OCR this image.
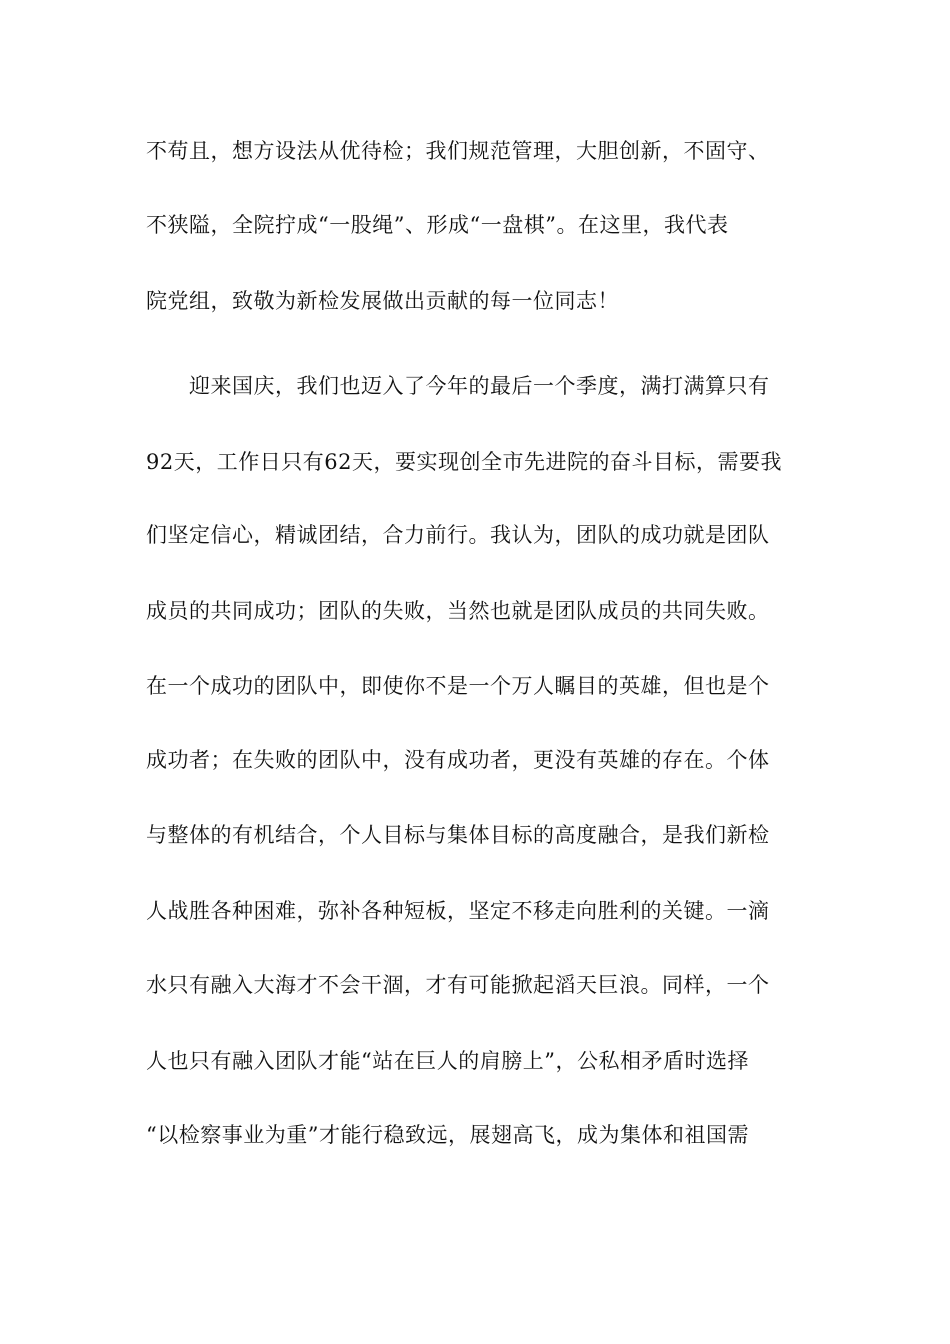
不苟且，想方设法从优待检；我们规范管理，大胆创新，不固守、
不狭隘，全院拧成“一股绳”、形成“一盘棋”。在这里，我代表
院党组，致敬为新检发展做出贡献的每一位同志！
迎来国庆，我们也迈入了今年的最后一个季度，满打满算只有
92天，工作日只有62天，要实现创全市先进院的奋斗目标，需要我
们坚定信心，精诚团结，合力前行。我认为，团队的成功就是团队
成员的共同成功；团队的失败，当然也就是团队成员的共同失败。
在一个成功的团队中，即使你不是一个万人瞩目的英雄，但也是个
成功者；在失败的团队中，没有成功者，更没有英雄的存在。个体
与整体的有机结合，个人目标与集体目标的高度融合，是我们新检
人战胜各种困难，弥补各种短板，坚定不移走向胜利的关键。一滴
水只有融入大海才不会干涸，才有可能掀起滔天巨浪。同样，一个
人也只有融入团队才能“站在巨人的肩膀上”，公私相矛盾时选择
“以检察事业为重”才能行稳致远，展翅高飞，成为集体和祖国需
